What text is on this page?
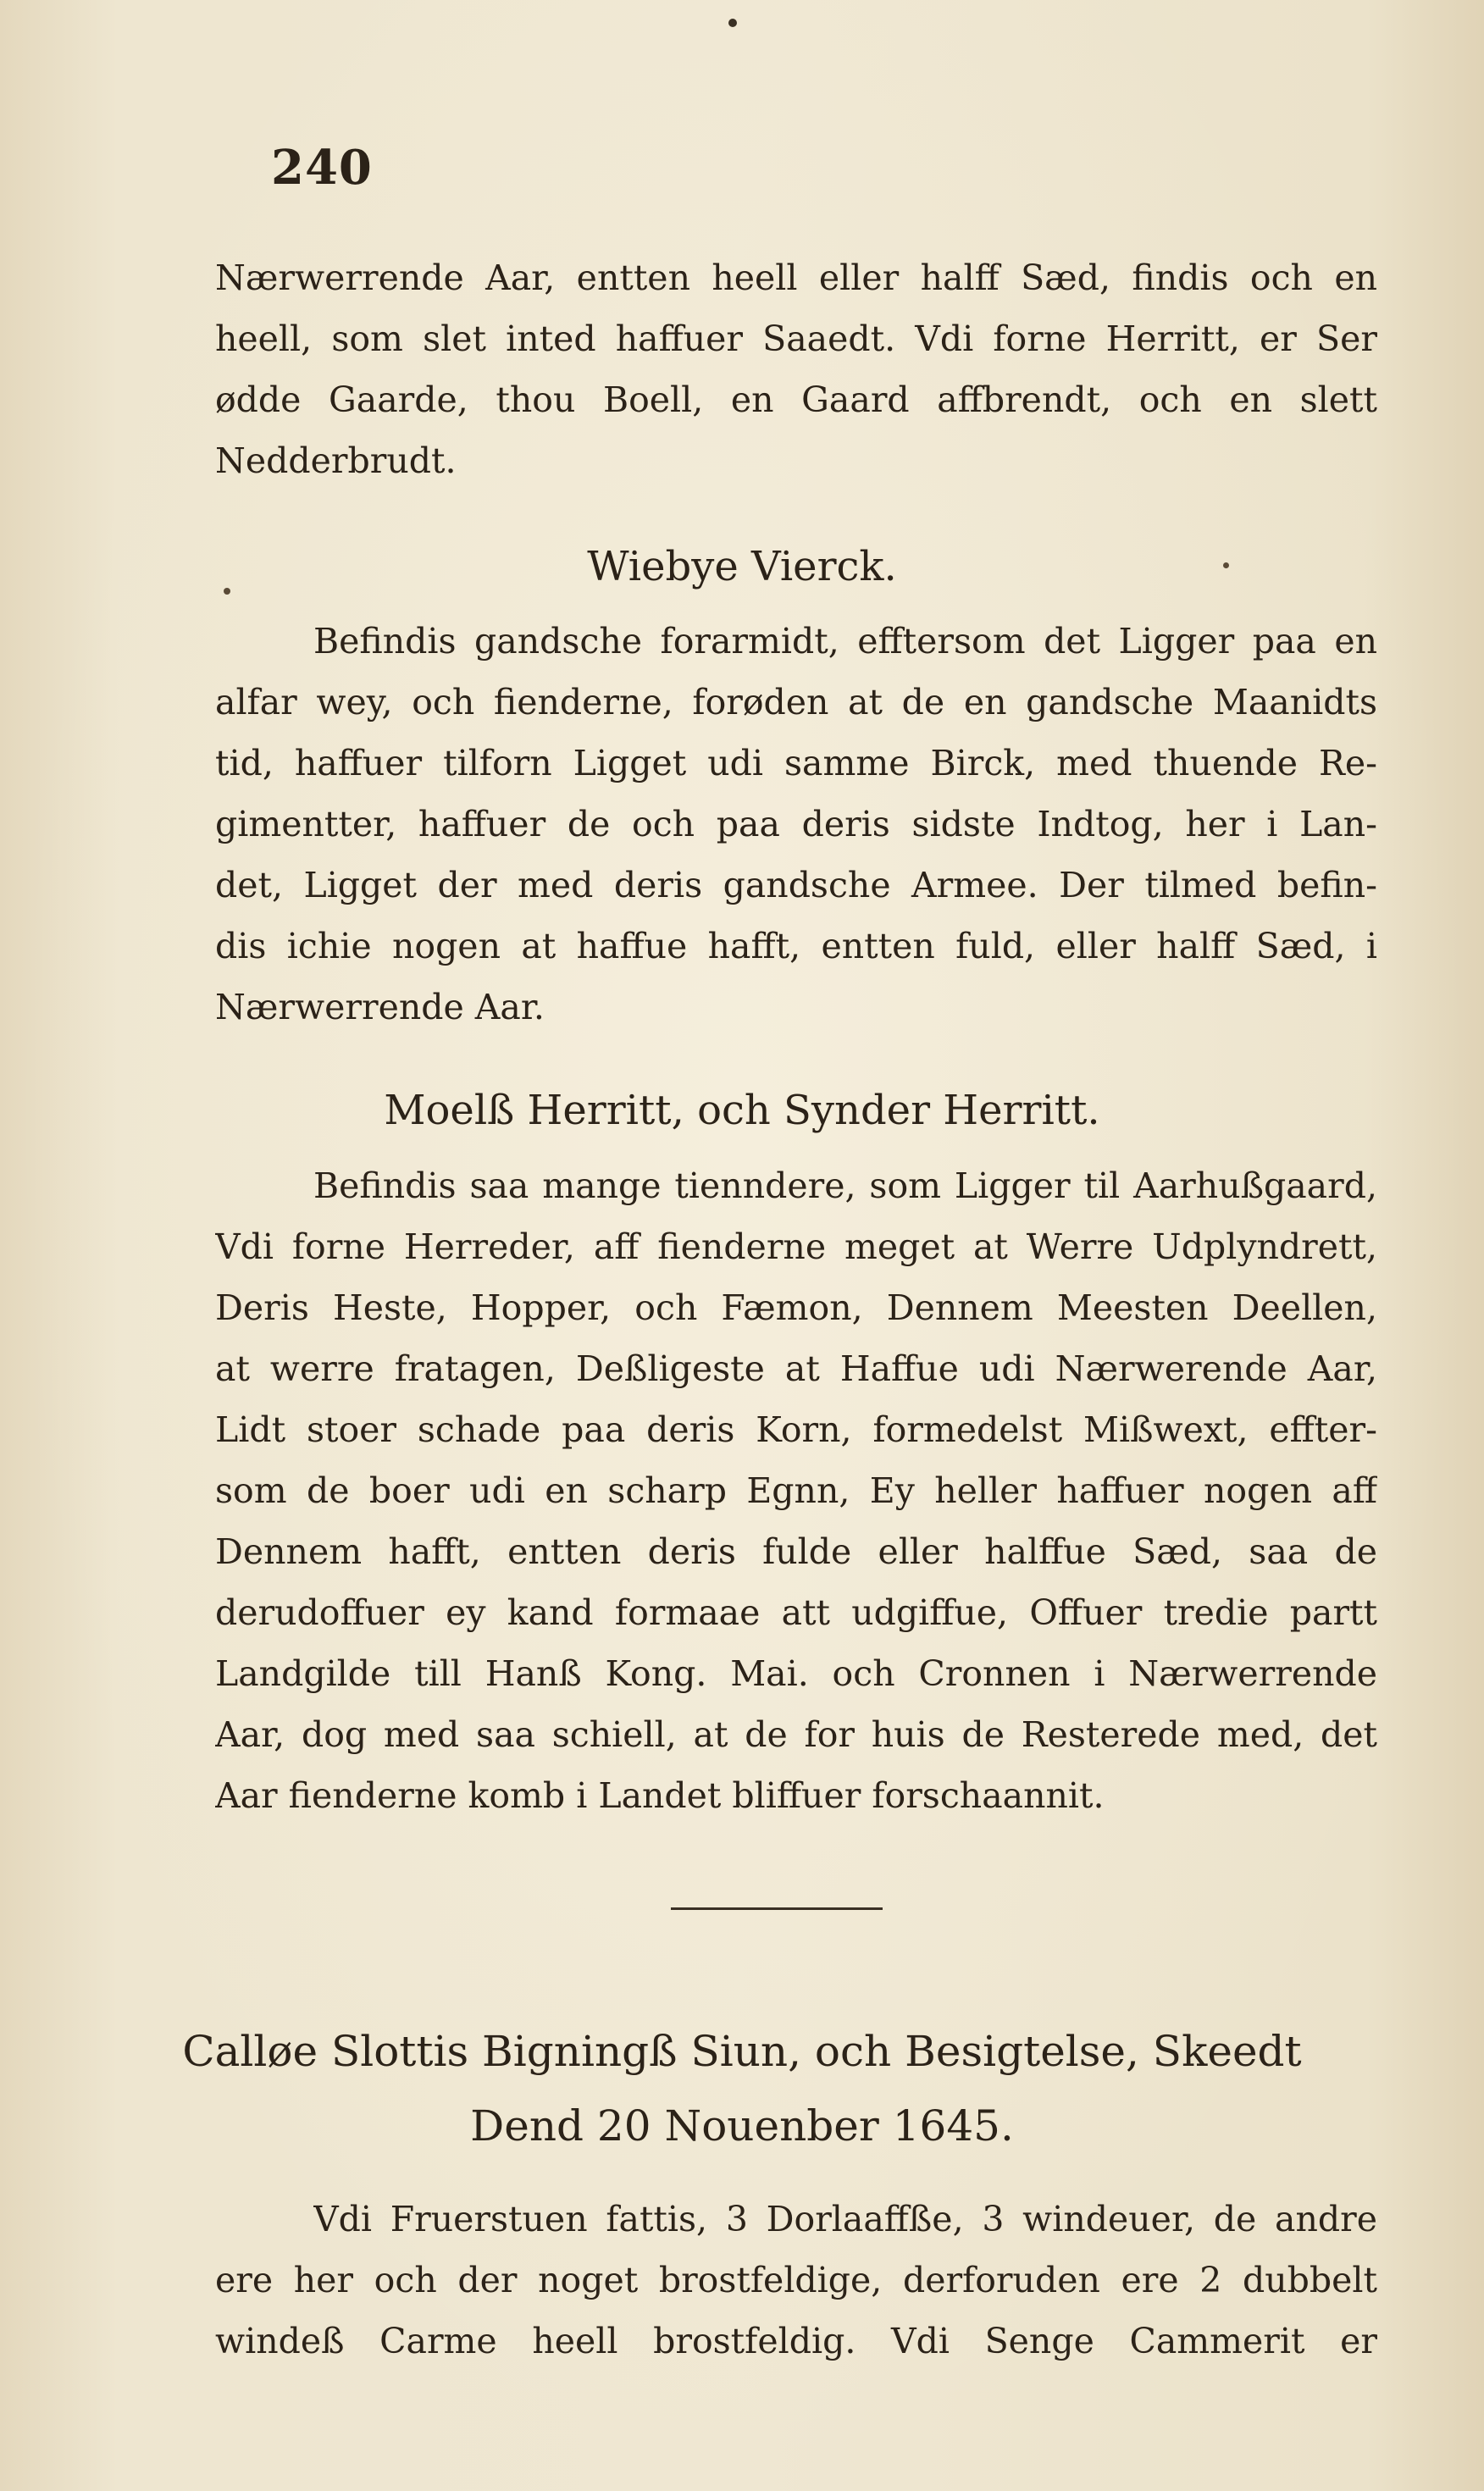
240
Nærwerrende Aar, entten heell eller halff Sæd, findis och en
heell, som slet inted haffuer Saaedt. Vdi forne Herritt, er Ser
ødde Gaarde, thou Boell, en Gaard affbrendt, och en slett
Nedderbrudt.
Wiebye Vierck.
Befindis gandsche forarmidt, efftersom det Ligger paa en
alfar wey, och fienderne, forøden at de en gandsche Maanidts
tid, haffuer tilforn Ligget udi samme Birck, med thuende Re-
gimentter, haffuer de och paa deris sidste Indtog, her i Lan-
det, Ligget der med deris gandsche Armee. Der tilmed befin-
dis ichie nogen at haffue hafft, entten fuld, eller halff Sæd, i
Nærwerrende Aar.
Moelß Herritt, och Synder Herritt.
Befindis saa mange tienndere, som Ligger til Aarhußgaard,
Vdi forne Herreder, aff fienderne meget at Werre Udplyndrett,
Deris Heste, Hopper, och Fæmon, Dennem Meesten Deellen,
at werre fratagen, Deßligeste at Haffue udi Nærwerende Aar,
Lidt stoer schade paa deris Korn, formedelst Mißwext, effter-
som de boer udi en scharp Egnn, Ey heller haffuer nogen aff
Dennem hafft, entten deris fulde eller halffue Sæd, saa de
derudoffuer ey kand formaae att udgiffue, Offuer tredie partt
Landgilde till Hanß Kong. Mai. och Cronnen i Nærwerrende
Aar, dog med saa schiell, at de for huis de Resterede med, det
Aar fienderne komb i Landet bliffuer forschaannit.
Calløe Slottis Bigningß Siun, och Besigtelse, Skeedt
Dend 20 Nouenber 1645.
Vdi Fruerstuen fattis, 3 Dorlaaffße, 3 windeuer, de andre
ere her och der noget brostfeldige, derforuden ere 2 dubbelt
windeß Carme heell brostfeldig. Vdi Senge Cammerit er
